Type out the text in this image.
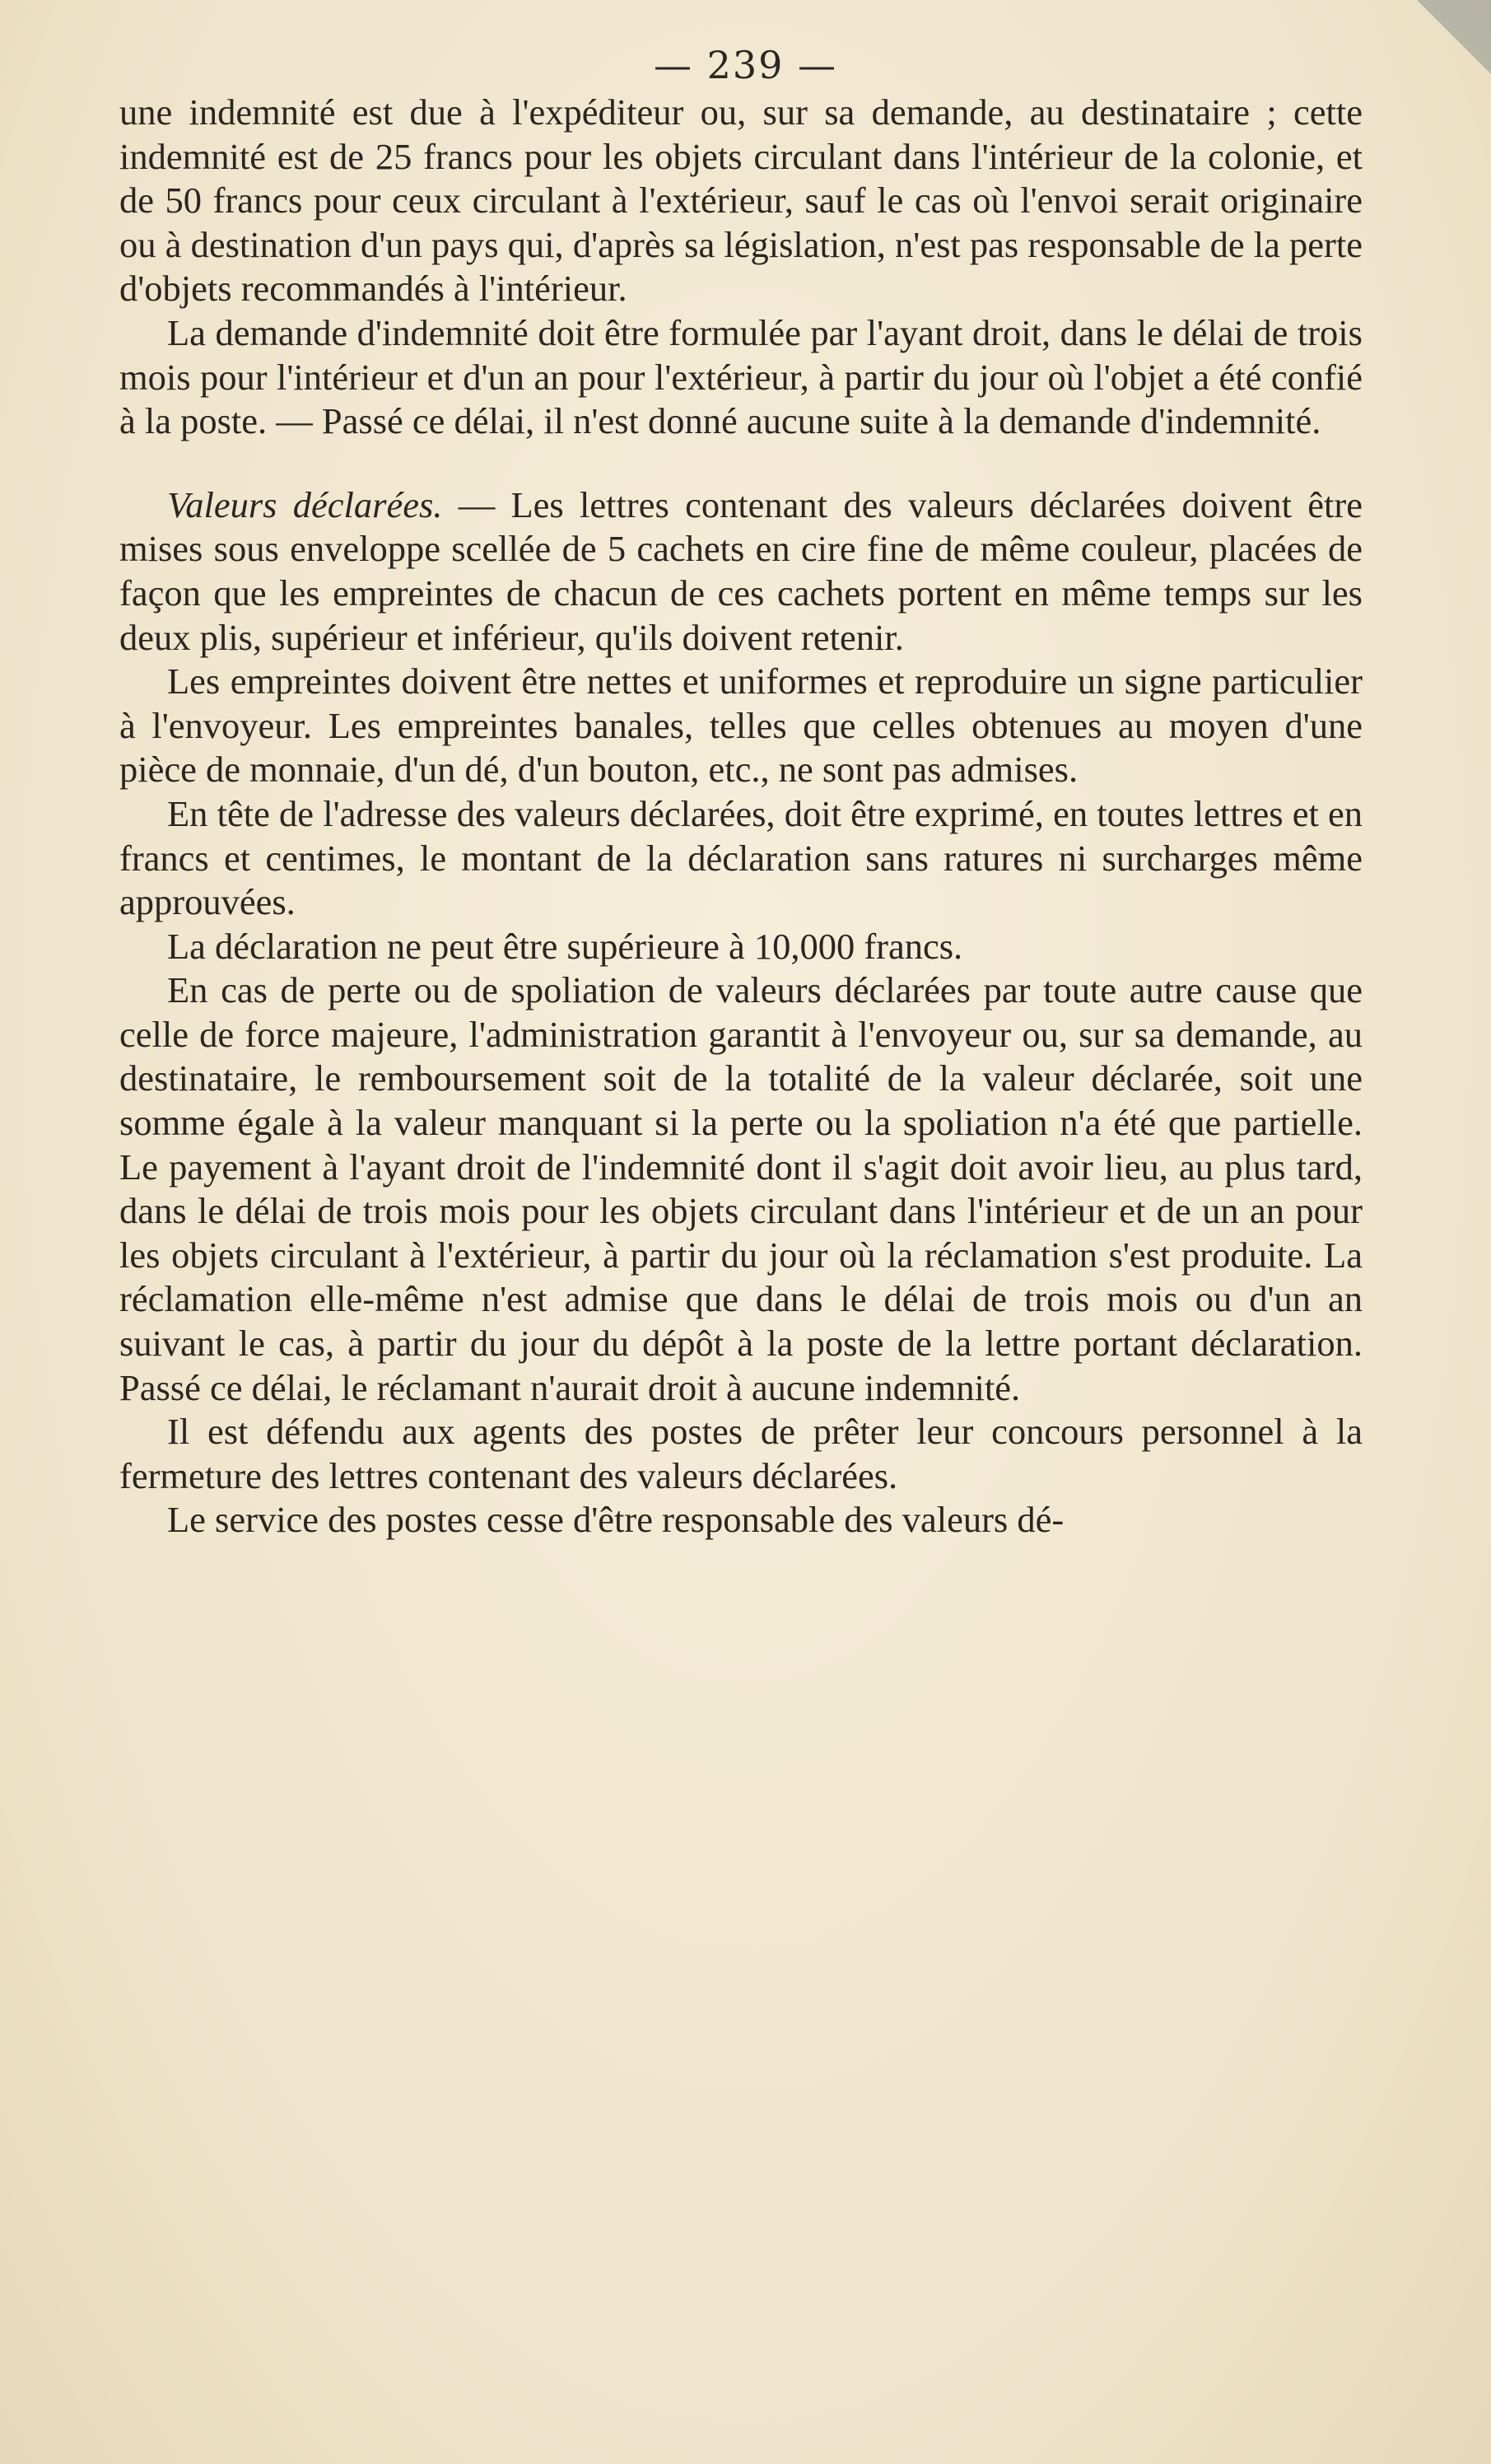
— 239 —

une indemnité est due à l'expéditeur ou, sur sa demande, au destinataire ; cette indemnité est de 25 francs pour les objets circulant dans l'intérieur de la colonie, et de 50 francs pour ceux circulant à l'extérieur, sauf le cas où l'envoi serait originaire ou à destination d'un pays qui, d'après sa législation, n'est pas responsable de la perte d'objets recommandés à l'intérieur.

La demande d'indemnité doit être formulée par l'ayant droit, dans le délai de trois mois pour l'intérieur et d'un an pour l'extérieur, à partir du jour où l'objet a été confié à la poste. — Passé ce délai, il n'est donné aucune suite à la demande d'indemnité.

Valeurs déclarées. — Les lettres contenant des valeurs déclarées doivent être mises sous enveloppe scellée de 5 cachets en cire fine de même couleur, placées de façon que les empreintes de chacun de ces cachets portent en même temps sur les deux plis, supérieur et inférieur, qu'ils doivent retenir.

Les empreintes doivent être nettes et uniformes et reproduire un signe particulier à l'envoyeur. Les empreintes banales, telles que celles obtenues au moyen d'une pièce de monnaie, d'un dé, d'un bouton, etc., ne sont pas admises.

En tête de l'adresse des valeurs déclarées, doit être exprimé, en toutes lettres et en francs et centimes, le montant de la déclaration sans ratures ni surcharges même approuvées.

La déclaration ne peut être supérieure à 10,000 francs.

En cas de perte ou de spoliation de valeurs déclarées par toute autre cause que celle de force majeure, l'administration garantit à l'envoyeur ou, sur sa demande, au destinataire, le remboursement soit de la totalité de la valeur déclarée, soit une somme égale à la valeur manquant si la perte ou la spoliation n'a été que partielle. Le payement à l'ayant droit de l'indemnité dont il s'agit doit avoir lieu, au plus tard, dans le délai de trois mois pour les objets circulant dans l'intérieur et de un an pour les objets circulant à l'extérieur, à partir du jour où la réclamation s'est produite. La réclamation elle-même n'est admise que dans le délai de trois mois ou d'un an suivant le cas, à partir du jour du dépôt à la poste de la lettre portant déclaration. Passé ce délai, le réclamant n'aurait droit à aucune indemnité.

Il est défendu aux agents des postes de prêter leur concours personnel à la fermeture des lettres contenant des valeurs déclarées.

Le service des postes cesse d'être responsable des valeurs dé-
